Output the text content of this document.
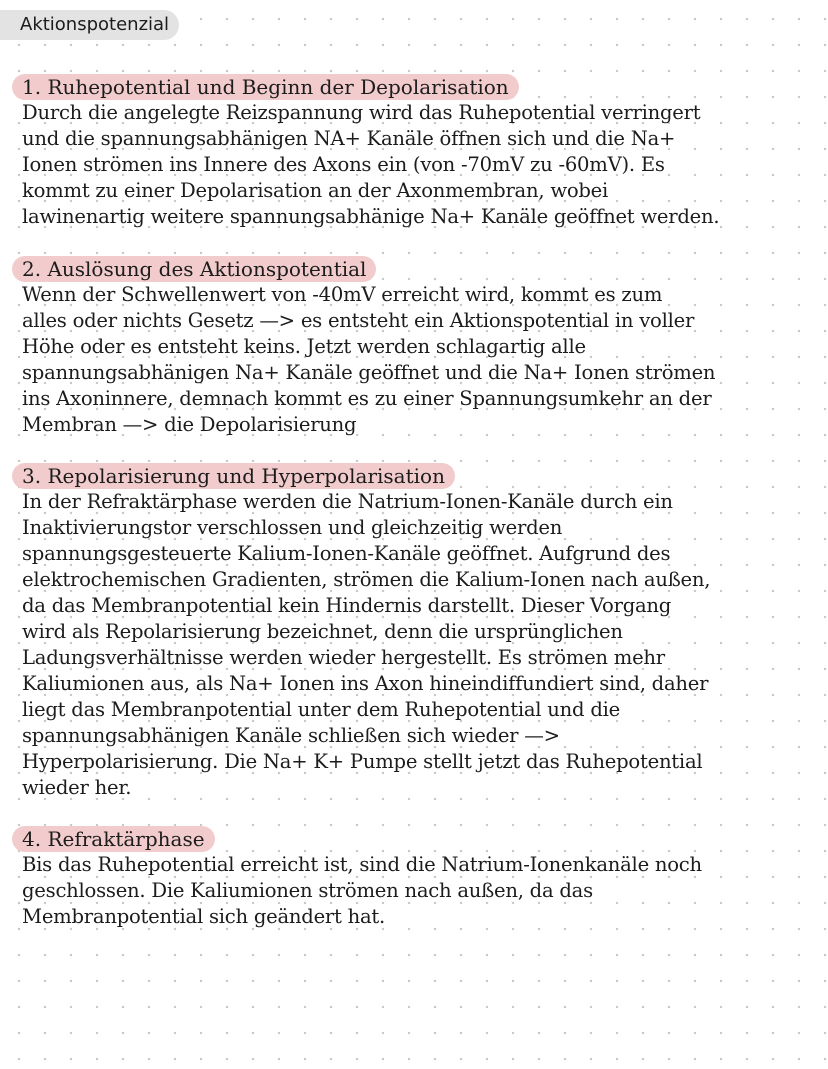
Aktionspotenzial
1. Ruhepotential und Beginn der Depolarisation
Durch die angelegte Reizspannung wird das Ruhepotential verringert
und die spannungsabhänigen NA+ Kanäle öffnen sich und die Na+
Ionen strömen ins Innere des Axons ein (von -70mV zu -60mV). Es
kommt zu einer Depolarisation an der Axonmembran, wobei
lawinenartig weitere spannungsabhänige Na+ Kanäle geöffnet werden.
2. Auslösung des Aktionspotential
Wenn der Schwellenwert von -40mV erreicht wird, kommt es zum
alles oder nichts Gesetz —> es entsteht ein Aktionspotential in voller
Höhe oder es entsteht keins. Jetzt werden schlagartig alle
spannungsabhänigen Na+ Kanäle geöffnet und die Na+ Ionen strömen
ins Axoninnere, demnach kommt es zu einer Spannungsumkehr an der
Membran —> die Depolarisierung
3. Repolarisierung und Hyperpolarisation
In der Refraktärphase werden die Natrium-Ionen-Kanäle durch ein
Inaktivierungstor verschlossen und gleichzeitig werden
spannungsgesteuerte Kalium-Ionen-Kanäle geöffnet. Aufgrund des
elektrochemischen Gradienten, strömen die Kalium-Ionen nach außen,
da das Membranpotential kein Hindernis darstellt. Dieser Vorgang
wird als Repolarisierung bezeichnet, denn die ursprünglichen
Ladungsverhältnisse werden wieder hergestellt. Es strömen mehr
Kaliumionen aus, als Na+ Ionen ins Axon hineindiffundiert sind, daher
liegt das Membranpotential unter dem Ruhepotential und die
spannungsabhänigen Kanäle schließen sich wieder —>
Hyperpolarisierung. Die Na+ K+ Pumpe stellt jetzt das Ruhepotential
wieder her.
4. Refraktärphase
Bis das Ruhepotential erreicht ist, sind die Natrium-Ionenkanäle noch
geschlossen. Die Kaliumionen strömen nach außen, da das
Membranpotential sich geändert hat.
